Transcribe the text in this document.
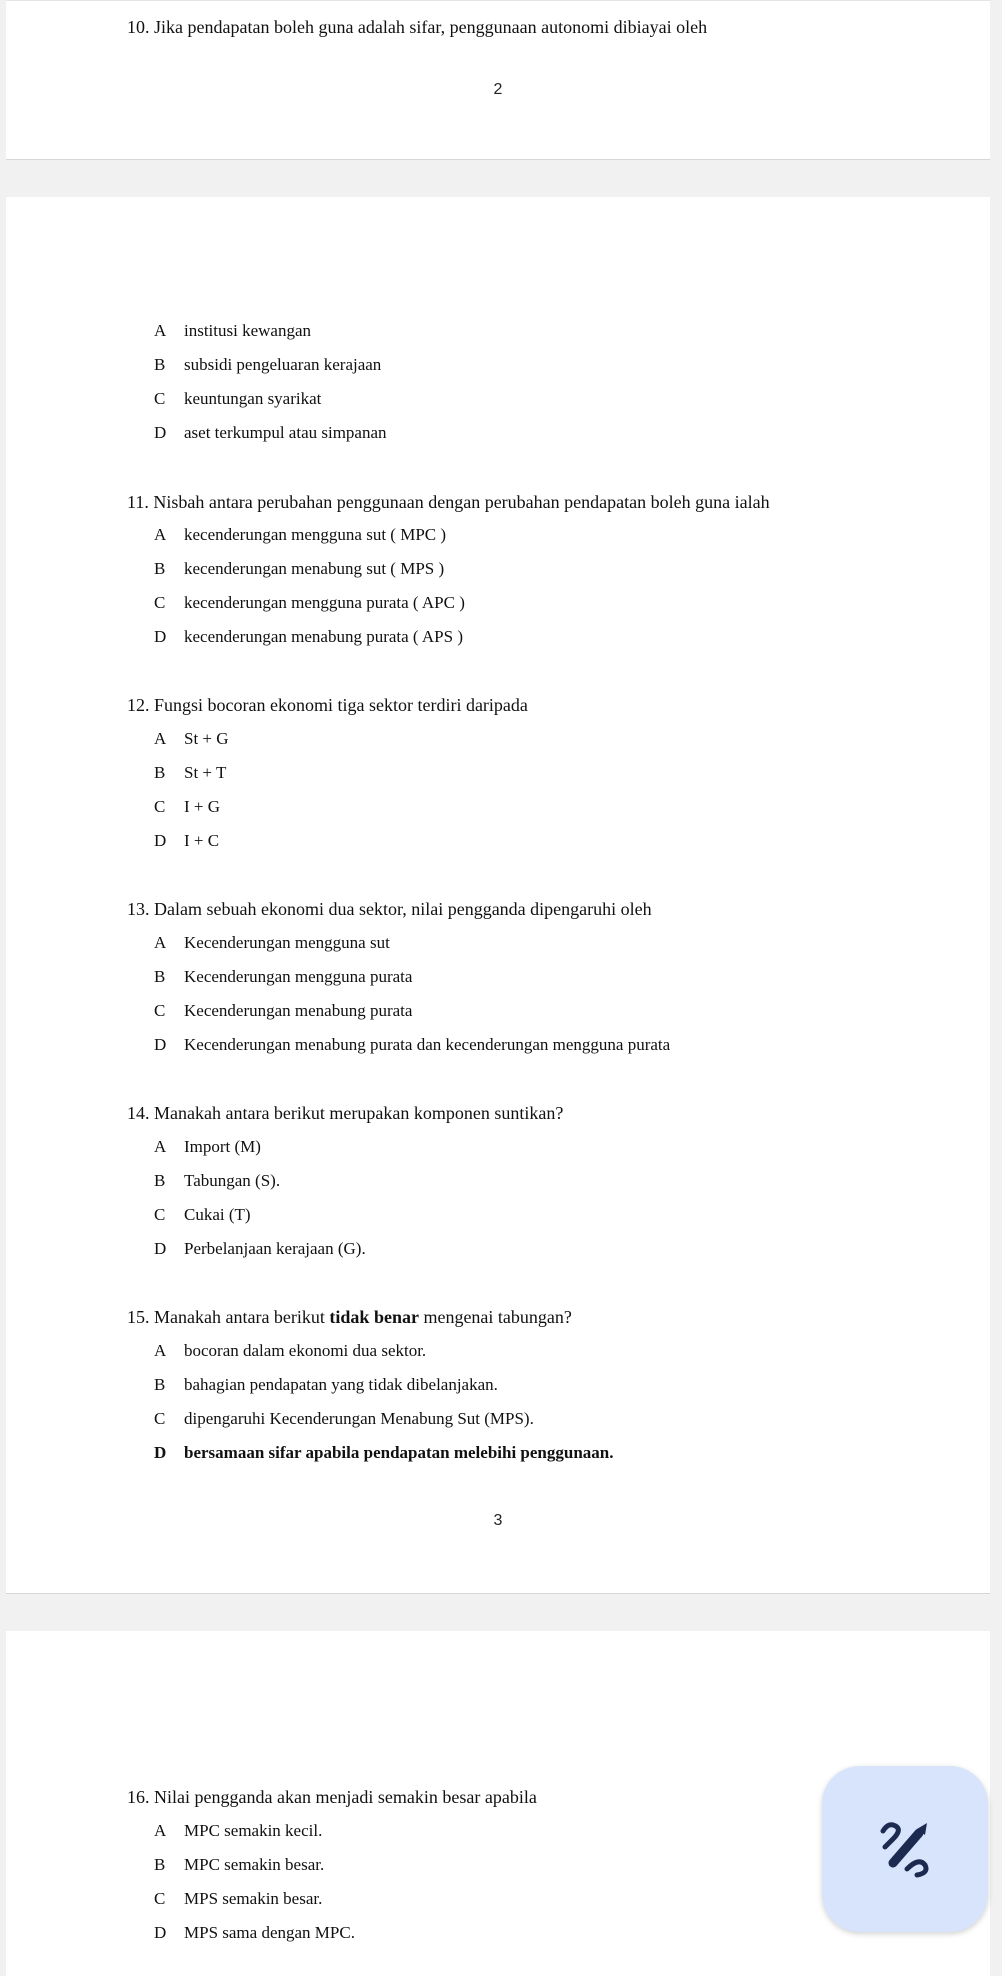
10. Jika pendapatan boleh guna adalah sifar, penggunaan autonomi dibiayai oleh
2
A institusi kewangan
B subsidi pengeluaran kerajaan
C keuntungan syarikat
D aset terkumpul atau simpanan
11. Nisbah antara perubahan penggunaan dengan perubahan pendapatan boleh guna ialah
A kecenderungan mengguna sut ( MPC )
B kecenderungan menabung sut ( MPS )
C kecenderungan mengguna purata ( APC )
D kecenderungan menabung purata ( APS )
12. Fungsi bocoran ekonomi tiga sektor terdiri daripada
A St + G
B St + T
C I + G
D I + C
13. Dalam sebuah ekonomi dua sektor, nilai pengganda dipengaruhi oleh
A Kecenderungan mengguna sut
B Kecenderungan mengguna purata
C Kecenderungan menabung purata
D Kecenderungan menabung purata dan kecenderungan mengguna purata
14. Manakah antara berikut merupakan komponen suntikan?
A Import (M)
B Tabungan (S).
C Cukai (T)
D Perbelanjaan kerajaan (G).
15. Manakah antara berikut tidak benar mengenai tabungan?
A bocoran dalam ekonomi dua sektor.
B bahagian pendapatan yang tidak dibelanjakan.
C dipengaruhi Kecenderungan Menabung Sut (MPS).
D bersamaan sifar apabila pendapatan melebihi penggunaan.
3
16. Nilai pengganda akan menjadi semakin besar apabila
A MPC semakin kecil.
B MPC semakin besar.
C MPS semakin besar.
D MPS sama dengan MPC.
